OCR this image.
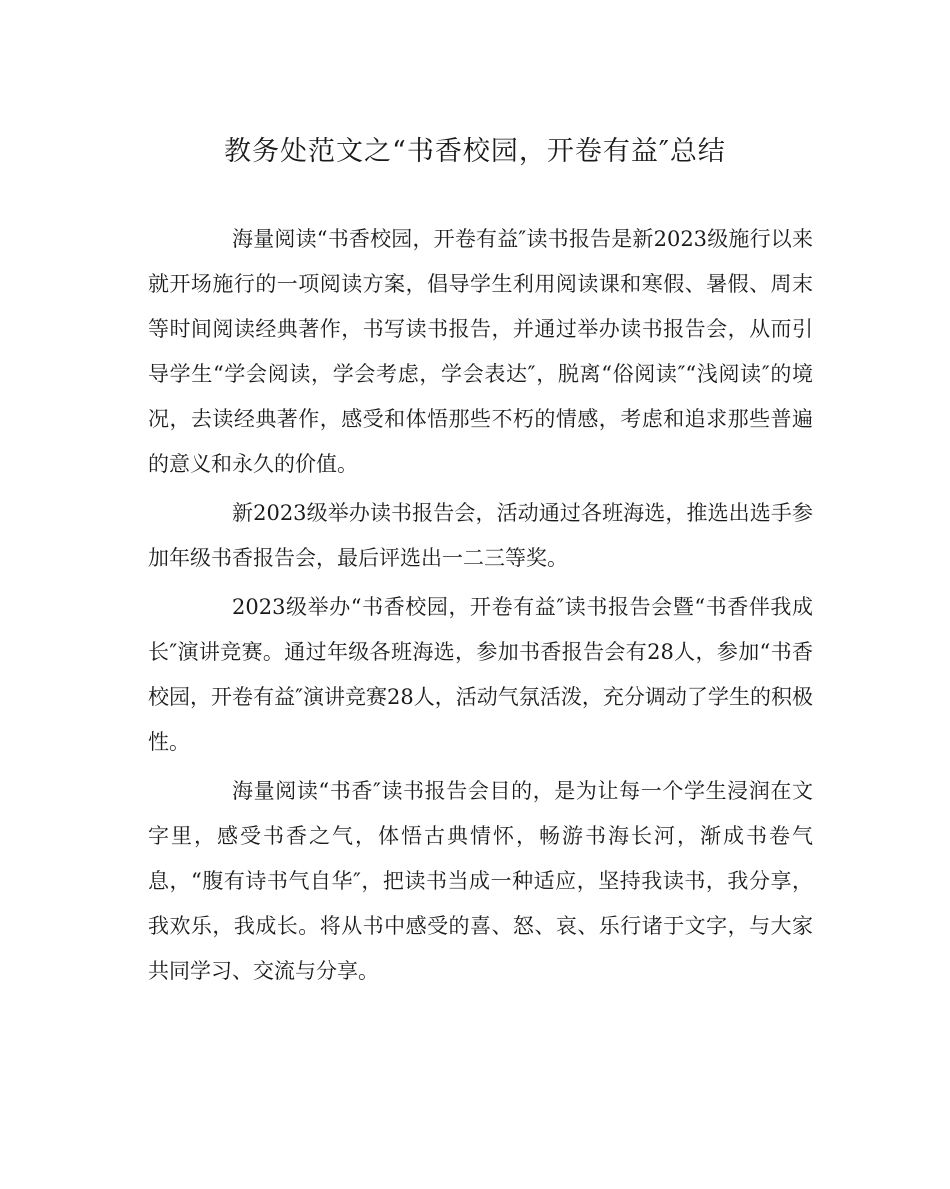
教务处范文之“书香校园，开卷有益″总结

海量阅读“书香校园，开卷有益″读书报告是新2023级施行以来就开场施行的一项阅读方案，倡导学生利用阅读课和寒假、暑假、周末等时间阅读经典著作，书写读书报告，并通过举办读书报告会，从而引导学生“学会阅读，学会考虑，学会表达″，脱离“俗阅读″“浅阅读″的境况，去读经典著作，感受和体悟那些不朽的情感，考虑和追求那些普遍的意义和永久的价值。

新2023级举办读书报告会，活动通过各班海选，推选出选手参加年级书香报告会，最后评选出一二三等奖。

2023级举办“书香校园，开卷有益″读书报告会暨“书香伴我成长″演讲竞赛。通过年级各班海选，参加书香报告会有28人，参加“书香校园，开卷有益″演讲竞赛28人，活动气氛活泼，充分调动了学生的积极性。

海量阅读“书香″读书报告会目的，是为让每一个学生浸润在文字里，感受书香之气，体悟古典情怀，畅游书海长河，渐成书卷气息，“腹有诗书气自华″，把读书当成一种适应，坚持我读书，我分享，我欢乐，我成长。将从书中感受的喜、怒、哀、乐行诸于文字，与大家共同学习、交流与分享。
